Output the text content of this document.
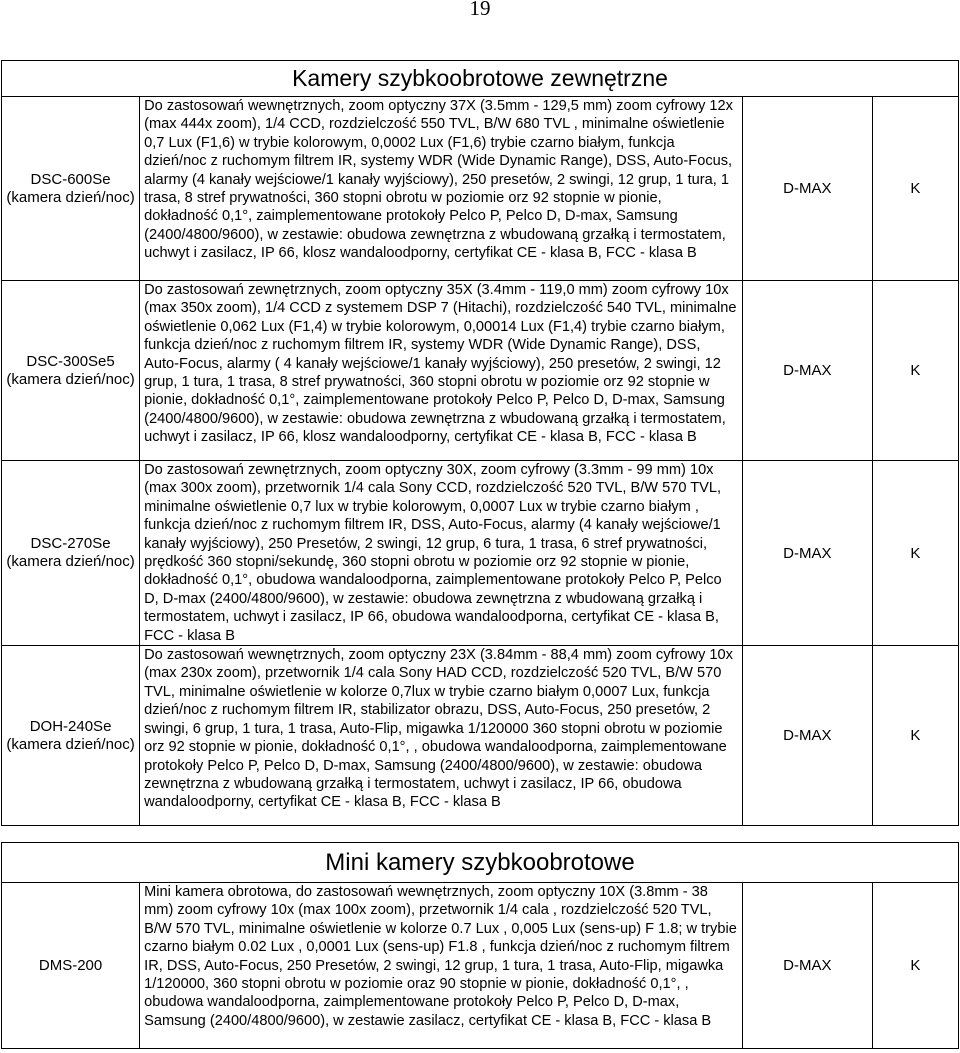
19
Kamery szybkoobrotowe zewnętrzne			
DSC-600Se
(kamera dzień/noc)	Do zastosowań wewnętrznych, zoom optyczny 37X (3.5mm - 129,5 mm) zoom cyfrowy 12x (max 444x zoom), 1/4 CCD, rozdzielczość 550 TVL, B/W 680 TVL , minimalne oświetlenie 0,7 Lux (F1,6) w trybie kolorowym, 0,0002 Lux (F1,6) trybie czarno białym, funkcja dzień/noc z ruchomym filtrem IR, systemy WDR (Wide Dynamic Range), DSS, Auto-Focus, alarmy (4 kanały wejściowe/1 kanały wyjściowy), 250 presetów, 2 swingi, 12 grup, 1 tura, 1 trasa, 8 stref prywatności, 360 stopni obrotu w poziomie orz 92 stopnie w pionie, dokładność 0,1°, zaimplementowane protokoły Pelco P, Pelco D, D-max, Samsung (2400/4800/9600), w zestawie: obudowa zewnętrzna z wbudowaną grzałką i termostatem, uchwyt i zasilacz, IP 66, klosz wandaloodporny, certyfikat CE - klasa B, FCC - klasa B	D-MAX	K
DSC-300Se5
(kamera dzień/noc)	Do zastosowań zewnętrznych, zoom optyczny 35X (3.4mm - 119,0 mm) zoom cyfrowy 10x (max 350x zoom), 1/4 CCD z systemem DSP 7 (Hitachi), rozdzielczość 540 TVL, minimalne oświetlenie 0,062 Lux (F1,4) w trybie kolorowym, 0,00014 Lux (F1,4) trybie czarno białym, funkcja dzień/noc z ruchomym filtrem IR, systemy WDR (Wide Dynamic Range), DSS, Auto-Focus, alarmy ( 4 kanały wejściowe/1 kanały wyjściowy), 250 presetów, 2 swingi, 12 grup, 1 tura, 1 trasa, 8 stref prywatności, 360 stopni obrotu w poziomie orz 92 stopnie w pionie, dokładność 0,1°, zaimplementowane protokoły Pelco P, Pelco D, D-max, Samsung (2400/4800/9600), w zestawie: obudowa zewnętrzna z wbudowaną grzałką i termostatem, uchwyt i zasilacz, IP 66, klosz wandaloodporny, certyfikat CE - klasa B, FCC - klasa B	D-MAX	K
DSC-270Se
(kamera dzień/noc)	Do zastosowań zewnętrznych, zoom optyczny 30X, zoom cyfrowy (3.3mm - 99 mm) 10x (max 300x zoom), przetwornik 1/4 cala Sony CCD, rozdzielczość 520 TVL, B/W 570 TVL, minimalne oświetlenie 0,7 lux w trybie kolorowym, 0,0007 Lux w trybie czarno białym , funkcja dzień/noc z ruchomym filtrem IR, DSS, Auto-Focus, alarmy (4 kanały wejściowe/1 kanały wyjściowy), 250 Presetów, 2 swingi, 12 grup, 6 tura, 1 trasa, 6 stref prywatności, prędkość 360 stopni/sekundę, 360 stopni obrotu w poziomie orz 92 stopnie w pionie, dokładność 0,1°, obudowa wandaloodporna, zaimplementowane protokoły Pelco P, Pelco D, D-max (2400/4800/9600), w zestawie: obudowa zewnętrzna z wbudowaną grzałką i termostatem, uchwyt i zasilacz, IP 66, obudowa wandaloodporna, certyfikat CE - klasa B, FCC - klasa B	D-MAX	K
DOH-240Se
(kamera dzień/noc)	Do zastosowań wewnętrznych, zoom optyczny 23X (3.84mm - 88,4 mm) zoom cyfrowy 10x (max 230x zoom), przetwornik 1/4 cala Sony HAD CCD, rozdzielczość 520 TVL, B/W 570 TVL, minimalne oświetlenie w kolorze 0,7lux w trybie czarno białym 0,0007 Lux, funkcja dzień/noc z ruchomym filtrem IR, stabilizator obrazu, DSS, Auto-Focus, 250 presetów, 2 swingi, 6 grup, 1 tura, 1 trasa, Auto-Flip, migawka 1/120000 360 stopni obrotu w poziomie orz 92 stopnie w pionie, dokładność 0,1°, , obudowa wandaloodporna, zaimplementowane protokoły Pelco P, Pelco D, D-max, Samsung (2400/4800/9600), w zestawie: obudowa zewnętrzna z wbudowaną grzałką i termostatem, uchwyt i zasilacz, IP 66, obudowa wandaloodporny, certyfikat CE - klasa B, FCC - klasa B	D-MAX	K
Mini kamery szybkoobrotowe
DMS-200	Mini kamera obrotowa, do zastosowań wewnętrznych, zoom optyczny 10X (3.8mm - 38 mm) zoom cyfrowy 10x (max 100x zoom), przetwornik 1/4 cala , rozdzielczość 520 TVL, B/W 570 TVL, minimalne oświetlenie w kolorze 0.7 Lux , 0,005 Lux (sens-up) F 1.8; w trybie czarno białym 0.02 Lux , 0,0001 Lux (sens-up) F1.8 , funkcja dzień/noc z ruchomym filtrem IR, DSS, Auto-Focus, 250 Presetów, 2 swingi, 12 grup, 1 tura, 1 trasa, Auto-Flip, migawka 1/120000, 360 stopni obrotu w poziomie oraz 90 stopnie w pionie, dokładność 0,1°, , obudowa wandaloodporna, zaimplementowane protokoły Pelco P, Pelco D, D-max, Samsung (2400/4800/9600), w zestawie zasilacz, certyfikat CE - klasa B, FCC - klasa B	D-MAX	K
